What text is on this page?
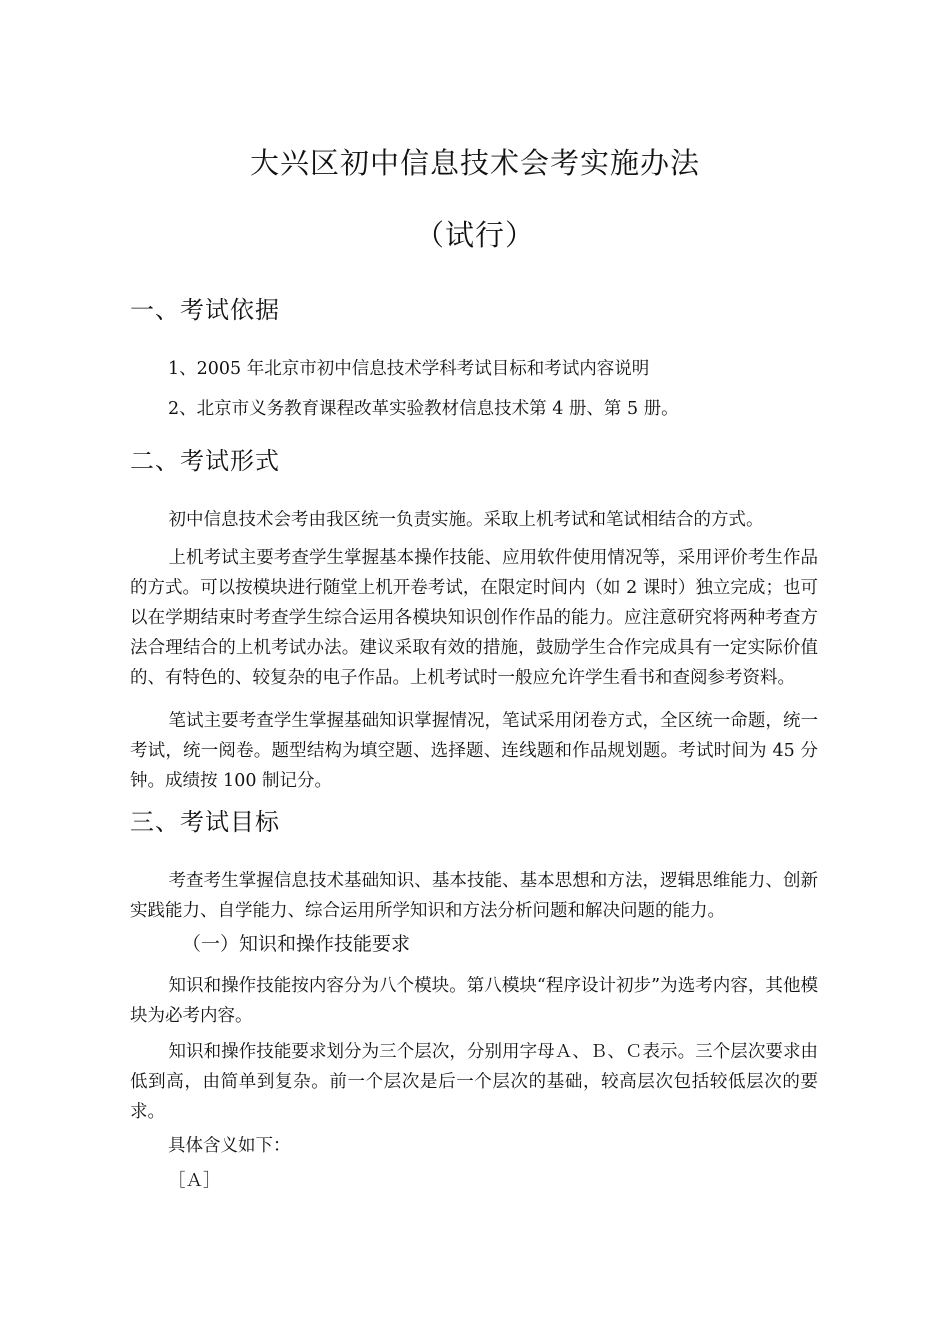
大兴区初中信息技术会考实施办法
（试行）
一、考试依据
1、2005 年北京市初中信息技术学科考试目标和考试内容说明
2、北京市义务教育课程改革实验教材信息技术第 4 册、第 5 册。
二、考试形式
初中信息技术会考由我区统一负责实施。采取上机考试和笔试相结合的方式。
上机考试主要考查学生掌握基本操作技能、应用软件使用情况等，采用评价考生作品的方式。可以按模块进行随堂上机开卷考试，在限定时间内（如 2 课时）独立完成；也可以在学期结束时考查学生综合运用各模块知识创作作品的能力。应注意研究将两种考查方法合理结合的上机考试办法。建议采取有效的措施，鼓励学生合作完成具有一定实际价值的、有特色的、较复杂的电子作品。上机考试时一般应允许学生看书和查阅参考资料。
笔试主要考查学生掌握基础知识掌握情况，笔试采用闭卷方式，全区统一命题，统一考试，统一阅卷。题型结构为填空题、选择题、连线题和作品规划题。考试时间为 45 分钟。成绩按 100 制记分。
三、考试目标
考查考生掌握信息技术基础知识、基本技能、基本思想和方法，逻辑思维能力、创新实践能力、自学能力、综合运用所学知识和方法分析问题和解决问题的能力。
（一）知识和操作技能要求
知识和操作技能按内容分为八个模块。第八模块“程序设计初步”为选考内容，其他模块为必考内容。
知识和操作技能要求划分为三个层次，分别用字母Ａ、Ｂ、Ｃ表示。三个层次要求由低到高，由简单到复杂。前一个层次是后一个层次的基础，较高层次包括较低层次的要求。
具体含义如下：
［Ａ］
